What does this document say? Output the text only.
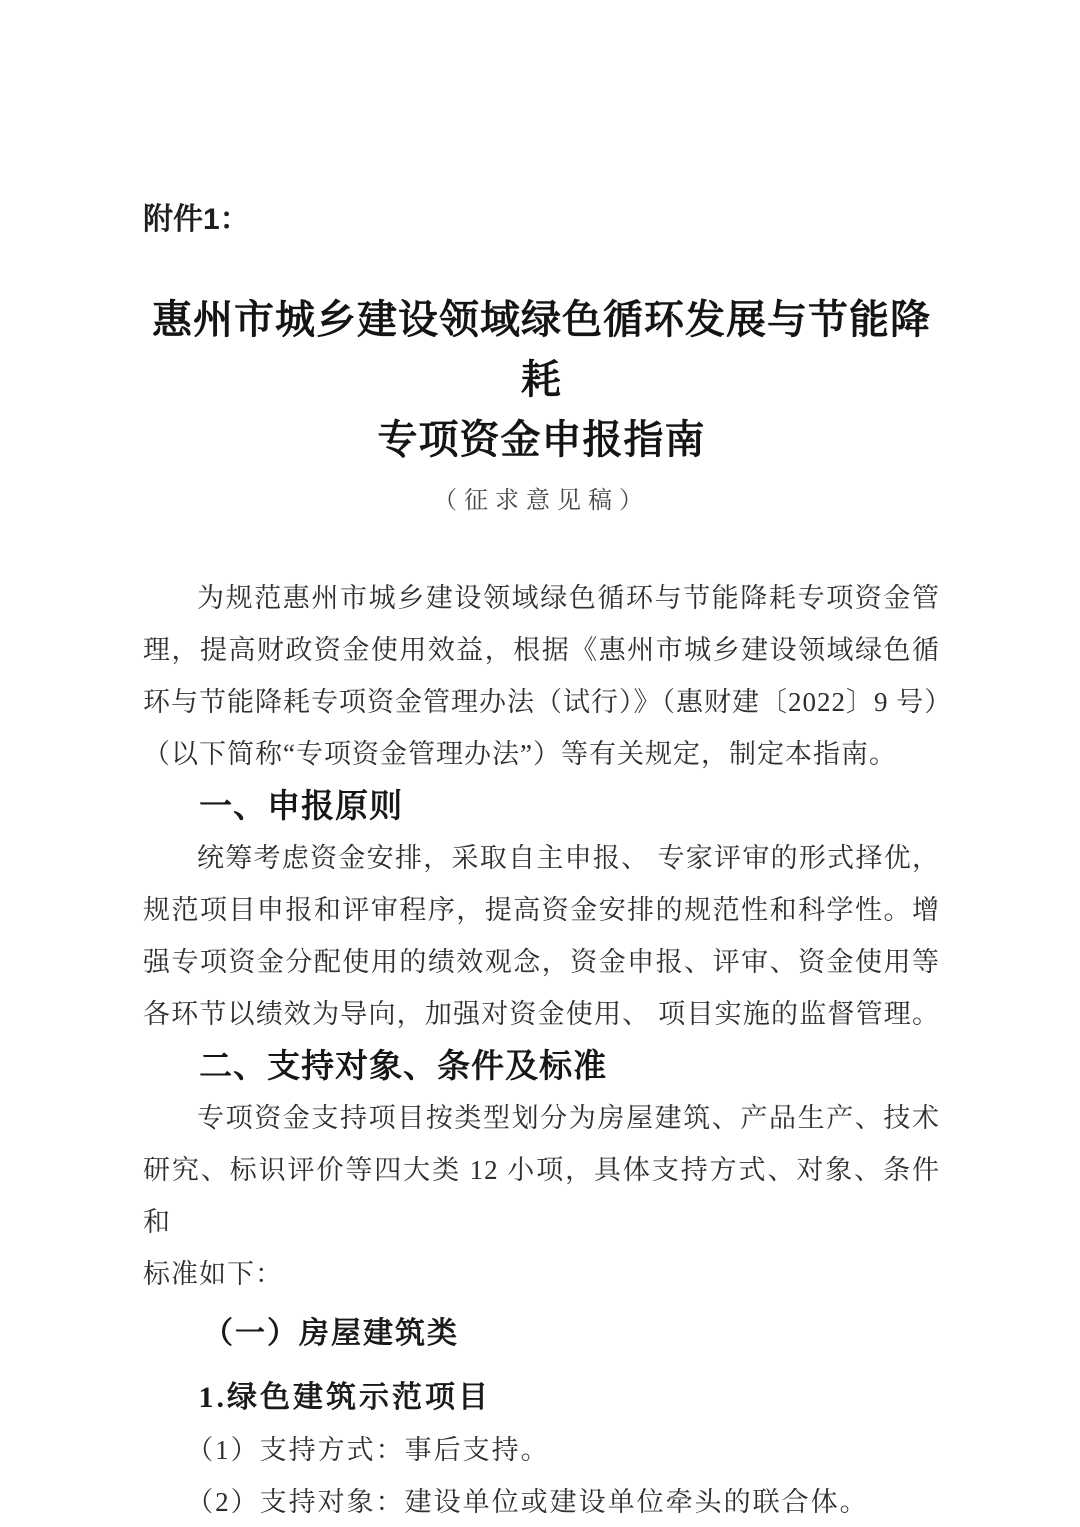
附件1：
惠州市城乡建设领域绿色循环发展与节能降耗
专项资金申报指南
（征求意见稿）

为规范惠州市城乡建设领域绿色循环与节能降耗专项资金管
理，提高财政资金使用效益，根据《惠州市城乡建设领域绿色循
环与节能降耗专项资金管理办法（试行）》（惠财建〔2022〕9 号）
（以下简称“专项资金管理办法”）等有关规定，制定本指南。

一、申报原则

统筹考虑资金安排，采取自主申报、 专家评审的形式择优，
规范项目申报和评审程序，提高资金安排的规范性和科学性。增
强专项资金分配使用的绩效观念，资金申报、评审、资金使用等
各环节以绩效为导向，加强对资金使用、 项目实施的监督管理。

二、支持对象、条件及标准

专项资金支持项目按类型划分为房屋建筑、产品生产、技术
研究、标识评价等四大类 12 小项，具体支持方式、对象、条件和
标准如下：

（一）房屋建筑类
1.绿色建筑示范项目

（1）支持方式：事后支持。
（2）支持对象：建设单位或建设单位牵头的联合体。
